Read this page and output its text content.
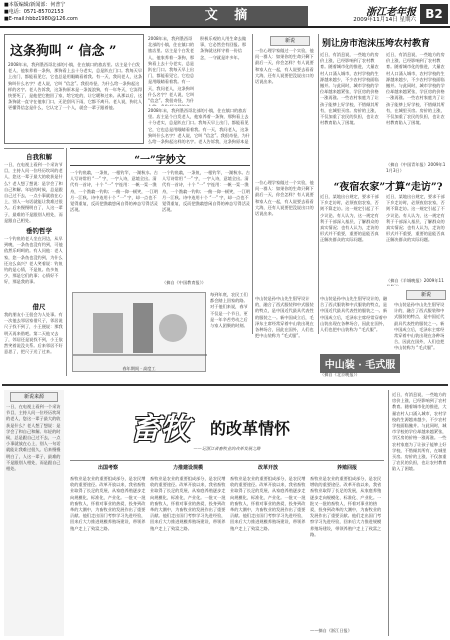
■本版编辑/新闻部：何普宁
■电话：0571-85702153
■E-mail:hbbz1980@126.com	文 摘	浙江老年报
2009年11月14日 星期六 B2
这条狗叫 “ 信念 ”
2008年末，我到墨西哥北部的小镇，住在镇口的旅店里。店主是个白发老人，他家养着一条狗，那狗看上去十分老实，总是趴在门口。我每天早上出门，都能看见它，它也总是用眼睛看着我。有一天，我问老人，这条狗叫什么名字？老人说，它叫 “信念”。我很奇怪，为什么给一条狗起这样的名字。老人告诉我，这条狗原本是一条流浪狗，有一年冬天，它冻得快要死了，是他把它抱回了家，给它吃的，让它暖和过来。从那以后，这条狗就一直守在他家门口，无论刮风下雨，它都不离开。老人说，狗比人更懂得信念是什么，它认定了一个人，就会一辈子跟着他。
2008年末，我到墨西哥北部的小镇，住在镇口的旅店里。店主是个白发老人，他家养着一条狗，那狗看上去十分老实，总是趴在门口。我每天早上出门，都能看见它，它也总是用眼睛看着我。有一天，我问老人，这条狗叫什么名字？老人说，它叫 “信念”。我很奇怪，为什
积极乐观的人用生命去做事，它必然会有回报。那条狗就这样守着一份信念，一守就是许多年。
2008年末，我到墨西哥北部的小镇，住在镇口的旅店里。店主是个白发老人，他家养着一条狗，那狗看上去十分老实，总是趴在门口。我每天早上出门，都能看见它，它也总是用眼睛看着我。有一天，我问老人，这条狗叫什么名字？老人说，它叫 “信念”。我很奇怪，为什么给一条狗起这样的名字。老人告诉我，这条狗原本是
新说
一位心理学家做过一个实验，他问一群人：如果你的生命只剩下最后一天，你会怎样？有人说要和家人在一起，有人说要去看看大海，还有人说要把没说出口的话说出来。
别让房市泡沫压垮农村教育
近日，有消息说，一些地方的房价上涨，已经影响到了农村教育。随着城市化的推进，大量农村人口涌入城市，农村学校的生源越来越少，不少农村学校面临撤并。与此同时，城市学校的学位却越来越紧张，学区房的价格一涨再涨。一些农村家庭为了让孩子能够上好学校，不惜倾其所有，在城里买房。房价的上涨，不仅加重了农民的负担，也让农村教育陷入了困境。
近日，有消息说，一些地方的房价上涨，已经影响到了农村教育。随着城市化的推进，大量农村人口涌入城市，农村学校的生源越来越少，不少农村学校面临撤并。与此同时，城市学校的学位却越来越紧张，学区房的价格一涨再涨。一些农村家庭为了让孩子能够上好学校，不惜倾其所有，在城里买房。房价的上涨，不仅加重了农民的负担，也让农村教育陷入了困境。
（摘自《中国青年报》2009年11月3日）
自我和解
一日，在电视上看到一个采访节目，主持人问一位经历坎坷的老人，您这一辈子最大的收获是什么？老人想了想说：是学会了和自己和解。年轻的时候，总是跟自己过不去，一点小事就放在心上，别人一句话就能让我难过很久。后来慢慢明白了，人这一辈子，最难的不是跟别人相处，而是跟自己相处。
垂钓哲学
一个钓鱼的老人坐在河边，从早到晚，一条鱼也没有钓到，可他依然乐呵呵的。有人问他：老人家，您一条鱼也没钓到，为什么还这么高兴？老人笑着说：钓鱼钓的是心情，不是鱼。鱼多鱼少，那是它们的事；心情好不好，那是我的事。
借尺
我的朋友小王很会为人处事。有一次他去邻居家借尺子，邻居说尺子找不到了，小王便说：那我明天再来借吧。第二天他又去了，邻居还是说找不到，小王依然笑着说没关系。后来邻居不好意思了，把尺子送了过来。
“一”字妙文
一个钓鱼翁，一条鱼，一根钓竿，一湖秋水。古人写诗常用 “一” 字，一字入诗，意境全出。清代有一首诗，十个 “一” 字连用：一帆一桨一渔舟，一个渔翁一钓钩；一俯一仰一顿笑，一江明月一江秋。诗中连用十个 “一” 字，却一点也不觉得重复，反而把渔翁悠闲自得的神态写得活灵活现。
一个钓鱼翁，一条鱼，一根钓竿，一湖秋水。古人写诗常用 “一” 字，一字入诗，意境全出。清代有一首诗，十个 “一” 字连用：一帆一桨一渔舟，一个渔翁一钓钩；一俯一仰一顿笑，一江明月一江秋。诗中连用十个 “一” 字，却一点也不觉得重复，反而把渔翁悠闲自得的神态写得活灵活现。
（摘自《中国教育报》）
春年期间 · 高度工
每到年底，农民工们都会踏上回家的路。对于他们来说，春节不仅是一个节日，更是一年辛苦劳动之后与家人团聚的时刻。
一位心理学家做过一个实验，他问一群人：如果你的生命只剩下最后一天，你会怎样？有人说要和家人在一起，有人说要去看看大海，还有人说要把没说出口的话说出来。
“夜宿农家”才算“走访”?
近日，某地出台规定，要求干部下乡走访时，必须夜宿农家，否则不算走访。这一规定引起了不少议论。有人认为，这一规定有利于干部深入基层，了解群众的真实情况；也有人认为，走访的形式并不重要，重要的是能否真正解决群众的实际问题。
近日，某地出台规定，要求干部下乡走访时，必须夜宿农家，否则不算走访。这一规定引起了不少议论。有人认为，这一规定有利于干部深入基层，了解群众的真实情况；也有人认为，走访的形式并不重要，重要的是能否真正解决群众的实际问题。
（摘自《羊城晚报》2009年11
新说
中山装是孙中山先生倡导设计的，融合了西式服装和中式服装的特点，是中国近代最具代表性的服装之一。新中国成立后，毛泽东主席经常穿着中山装出现在各种场合，因此在国外，人们也把中山装称为 “毛式服”。
中山装是孙中山先生倡导设计的，融合了西式服装和中式服装的特点，是中国近代最具代表性的服装之一。新中国成立后，毛泽东主席经常穿着中山装出现在各种场合，因此在国外，人们也把中山装称为 “毛式服”。
中山装 · 毛式服
中山装是孙中山先生倡导设计的，融合了西式服装和中式服装的特点，是中国近代最具代表性的服装之一。新中国成立后，毛泽东主席经常穿着中山装出现在各种场合，因此在国外，人们也把中山装称为 “毛式服”。
（摘自《北京晚报》）
新说来源
一日，在电视上看到一个采访节目，主持人问一位经历坎坷的老人，您这一辈子最大的收获是什么？老人想了想说：是学会了和自己和解。年轻的时候，总是跟自己过不去，一点小事就放在心上，别人一句话就能让我难过很久。后来慢慢明白了，人这一辈子，最难的不是跟别人相处，而是跟自己相处。
畜牧	的改革情怀
——记浙江省畜牧业的改革发展之路
出国考察	力推建设规模	改革开放	养殖回报
畜牧业是农业的重要组成部分，是农民增收的重要途径。改革开放以来，我省畜牧业取得了长足的发展，从家庭养殖逐步走向规模化、标准化、产业化。一批又一批的畜牧人，怀着对事业的热爱，投身到改革的大潮中，为畜牧业的发展作出了重要贡献。他们走出国门考察学习先进经验，回来后大力推进规模养殖场建设，带领养殖户走上了致富之路。
畜牧业是农业的重要组成部分，是农民增收的重要途径。改革开放以来，我省畜牧业取得了长足的发展，从家庭养殖逐步走向规模化、标准化、产业化。一批又一批的畜牧人，怀着对事业的热爱，投身到改革的大潮中，为畜牧业的发展作出了重要贡献。他们走出国门考察学习先进经验，回来后大力推进规模养殖场建设，带领养殖户走上了致富之路。
畜牧业是农业的重要组成部分，是农民增收的重要途径。改革开放以来，我省畜牧业取得了长足的发展，从家庭养殖逐步走向规模化、标准化、产业化。一批又一批的畜牧人，怀着对事业的热爱，投身到改革的大潮中，为畜牧业的发展作出了重要贡献。他们走出国门考察学习先进经验，回来后大力推进规模养殖场建设，带领养殖户走上了致富之路。
畜牧业是农业的重要组成部分，是农民增收的重要途径。改革开放以来，我省畜牧业取得了长足的发展，从家庭养殖逐步走向规模化、标准化、产业化。一批又一批的畜牧人，怀着对事业的热爱，投身到改革的大潮中，为畜牧业的发展作出了重要贡献。他们走出国门考察学习先进经验，回来后大力推进规模养殖场建设，带领养殖户走上了致富之路。
——摘自《浙江日报》
近日，有消息说，一些地方的房价上涨，已经影响到了农村教育。随着城市化的推进，大量农村人口涌入城市，农村学校的生源越来越少，不少农村学校面临撤并。与此同时，城市学校的学位却越来越紧张，学区房的价格一涨再涨。一些农村家庭为了让孩子能够上好学校，不惜倾其所有，在城里买房。房价的上涨，不仅加重了农民的负担，也让农村教育陷入了困境。
